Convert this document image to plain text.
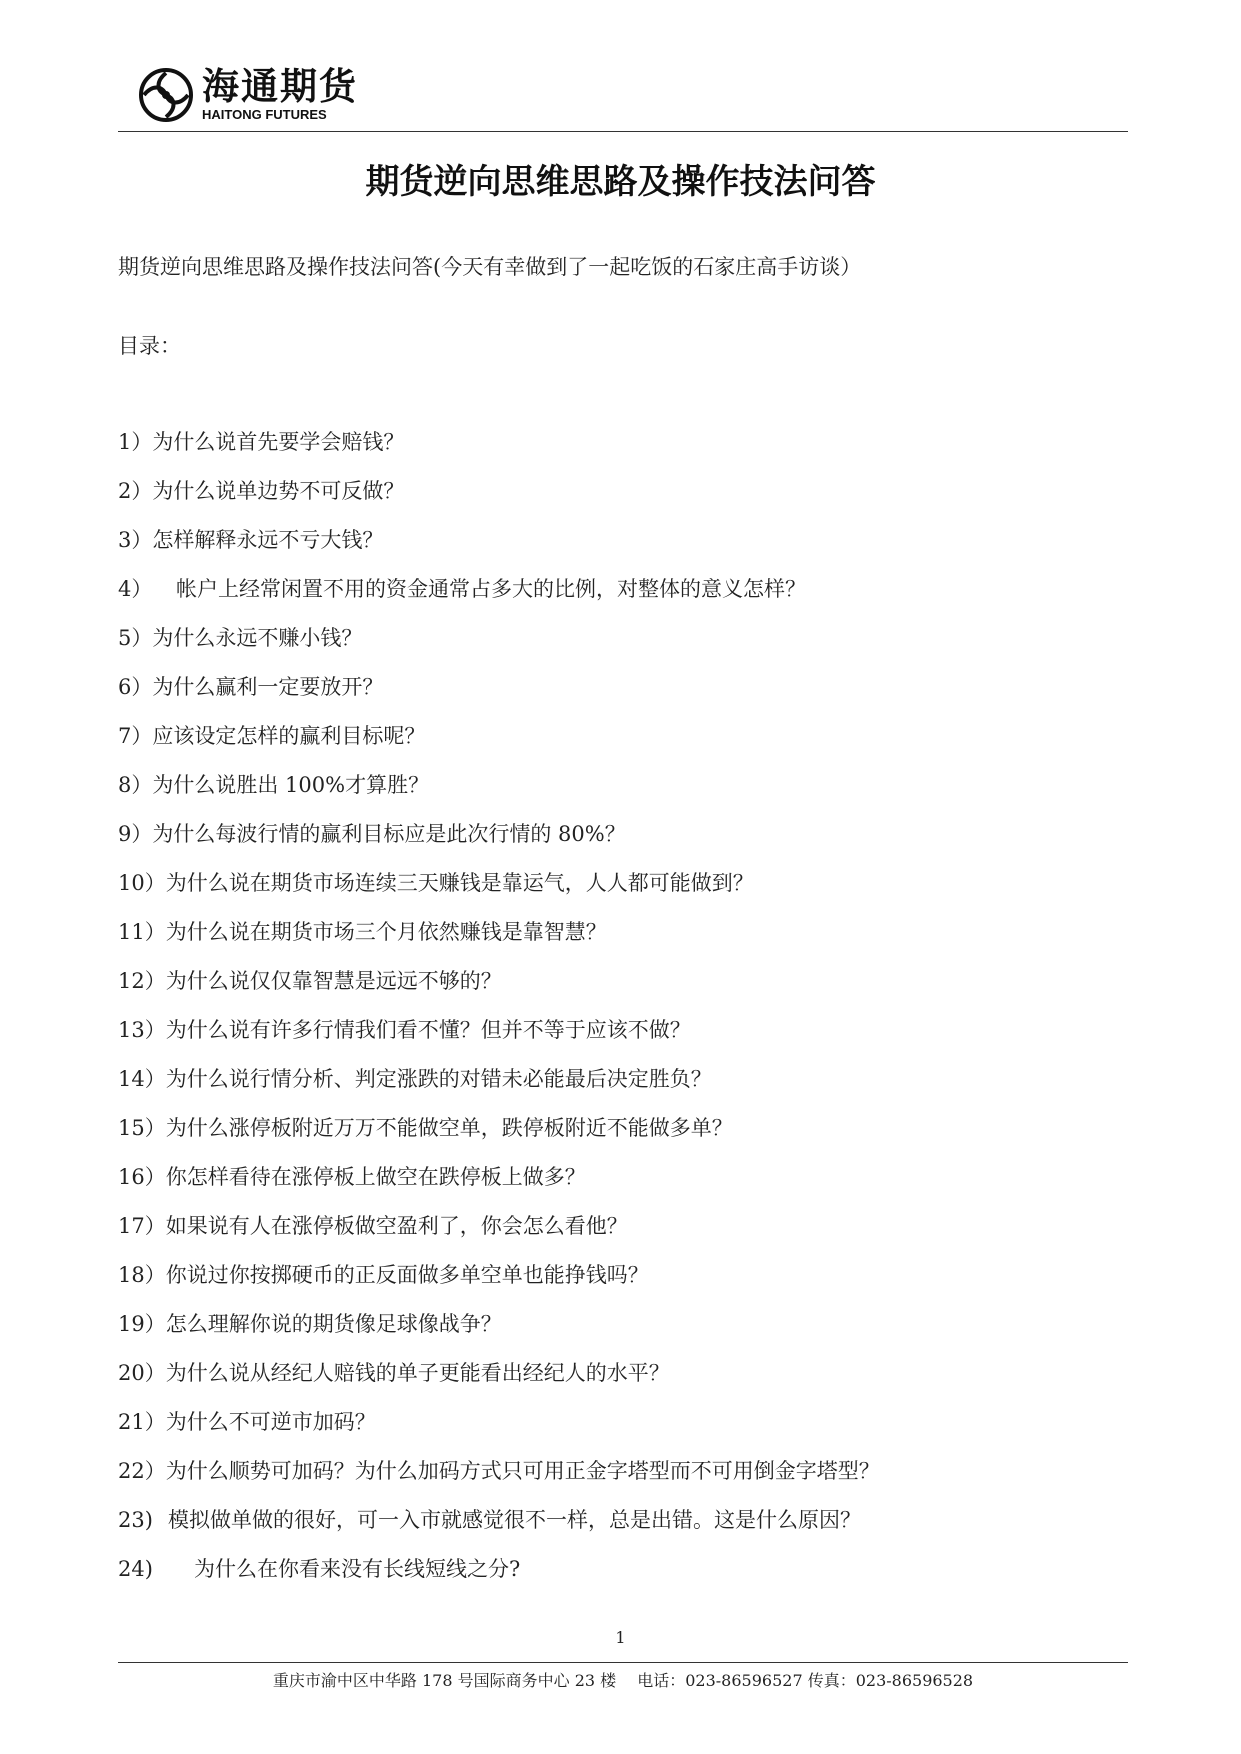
海通期货
HAITONG FUTURES
期货逆向思维思路及操作技法问答
期货逆向思维思路及操作技法问答(今天有幸做到了一起吃饭的石家庄高手访谈）
目录：
1）为什么说首先要学会赔钱？
2）为什么说单边势不可反做？
3）怎样解释永远不亏大钱？
4） 帐户上经常闲置不用的资金通常占多大的比例，对整体的意义怎样？
5）为什么永远不赚小钱？
6）为什么赢利一定要放开？
7）应该设定怎样的赢利目标呢？
8）为什么说胜出 100%才算胜？
9）为什么每波行情的赢利目标应是此次行情的 80%？
10）为什么说在期货市场连续三天赚钱是靠运气，人人都可能做到？
11）为什么说在期货市场三个月依然赚钱是靠智慧？
12）为什么说仅仅靠智慧是远远不够的？
13）为什么说有许多行情我们看不懂？但并不等于应该不做？
14）为什么说行情分析、判定涨跌的对错未必能最后决定胜负？
15）为什么涨停板附近万万不能做空单，跌停板附近不能做多单？
16）你怎样看待在涨停板上做空在跌停板上做多？
17）如果说有人在涨停板做空盈利了，你会怎么看他？
18）你说过你按掷硬币的正反面做多单空单也能挣钱吗？
19）怎么理解你说的期货像足球像战争？
20）为什么说从经纪人赔钱的单子更能看出经纪人的水平？
21）为什么不可逆市加码？
22）为什么顺势可加码？为什么加码方式只可用正金字塔型而不可用倒金字塔型？
23) 模拟做单做的很好，可一入市就感觉很不一样，总是出错。这是什么原因？
24) 为什么在你看来没有长线短线之分?
1
重庆市渝中区中华路 178 号国际商务中心 23 楼　 电话：023-86596527 传真：023-86596528
